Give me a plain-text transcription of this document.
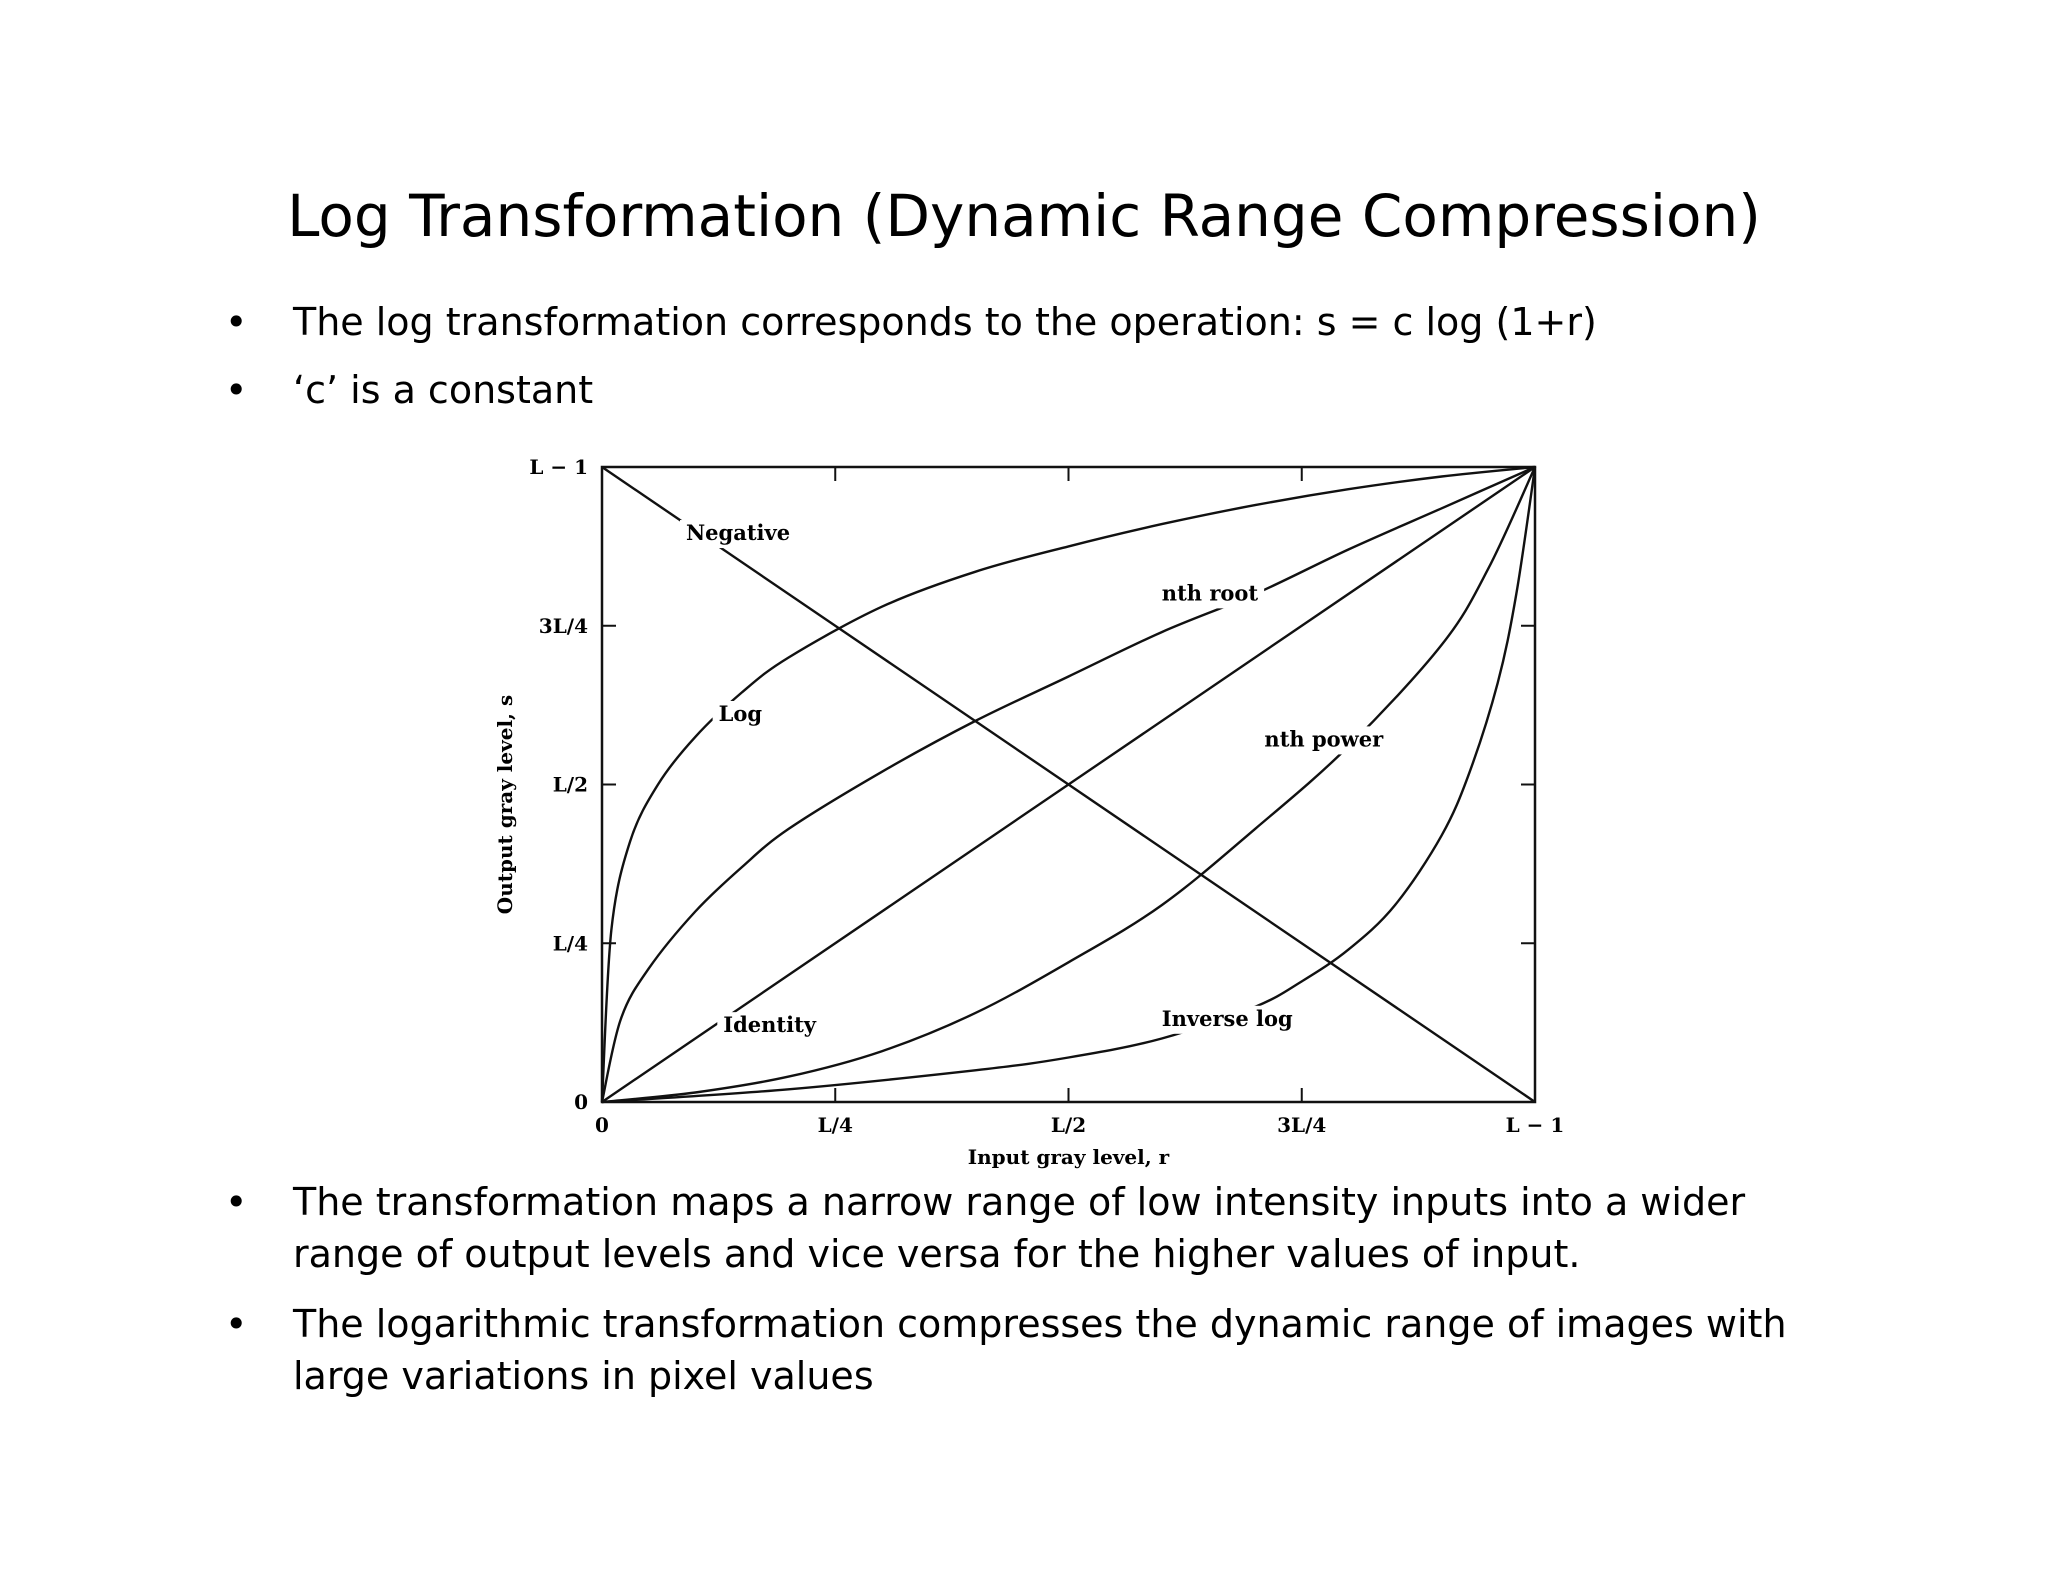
Log Transformation (Dynamic Range Compression)
•	The log transformation corresponds to the operation: s = c log (1+r)
•	‘c’ is a constant
•	The transformation maps a narrow range of low intensity inputs into a wider
range of output levels and vice versa for the higher values of input.
•	The logarithmic transformation compresses the dynamic range of images with
large variations in pixel values
0	L/4	L/2	3L/4	L − 1
0
L/4
L/2
3L/4
L − 1
Negative
Log
nth root
Identity
nth power
Inverse log
Input gray level, r
Output gray level, s
